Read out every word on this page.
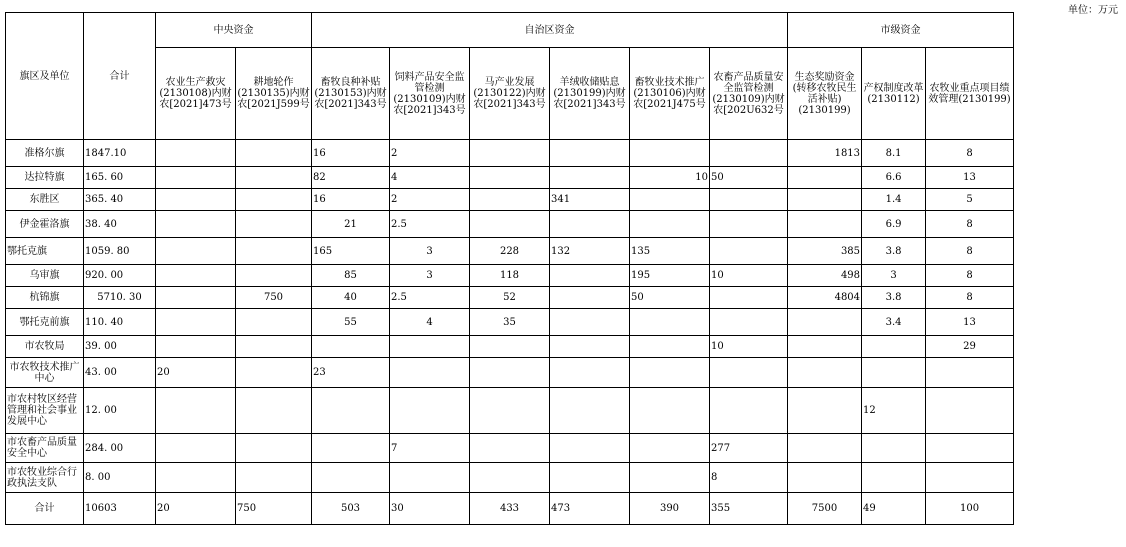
单位：万元
旗区及单位	合计	中央资金		自治区资金						市级资金		
		农业生产救灾(2130108)内财农[2021]473号	耕地轮作(2130135)内财农[2021J599号	畜牧良种补贴(2130153)内财农[2021]343号	饲料产品安全监管检测(2130109)内财农[2021]343号	马产业发展(2130122)内财农[2021]343号	羊绒收储贴息(2130199)内财农[2021]343号	畜牧业技术推广(2130106)内财农[2021J475号	农畜产品质量安全监管检测(2130109)内财农[202U632号	生态奖励资金(转移农牧民生活补贴)(2130199)	产权制度改革(2130112)	农牧业重点项目绩效管理(2130199)
准格尔旗	1847.10			16	2					1813	8.1	8
达拉特旗	165. 60			82	4			10	50		6.6	13
东胜区	365. 40			16	2		341				1.4	5
伊金霍洛旗	38. 40			21	2.5						6.9	8
鄂托克旗	1059. 80			165	3	228	132	135		385	3.8	8
乌审旗	920. 00			85	3	118		195	10	498	3	8
杭锦旗	5710. 30		750	40	2.5	52		50		4804	3.8	8
鄂托克前旗	110. 40			55	4	35					3.4	13
市农牧局	39. 00								10			29
市农牧技术推广中心	43. 00	20		23								
市农村牧区经营管理和社会事业发展中心	12. 00										12	
市农畜产品质量安全中心	284. 00				7				277			
市农牧业综合行政执法支队	8. 00								8			
合计	10603	20	750	503	30	433	473	390	355	7500	49	100
